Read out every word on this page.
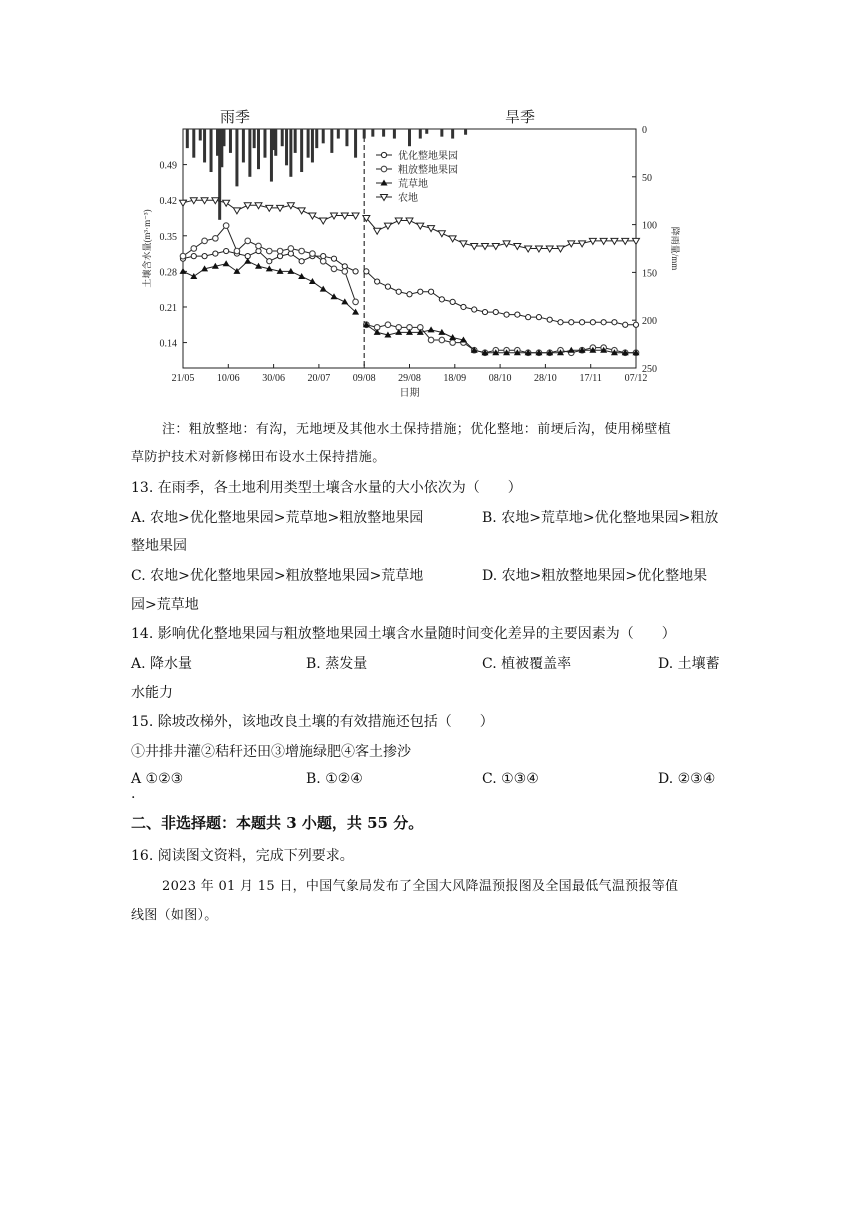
雨季	旱季
0.14
0.21
0.28
0.35
0.42
0.49
0
50
100
150
200
250
21/05 10/06 30/06 20/07 09/08 29/08 18/09 08/10 28/10 17/11 07/12
日期
土壤含水量(m³·m⁻³)	降雨量/mm
优化整地果园
粗放整地果园
荒草地
农地
注：粗放整地：有沟，无地埂及其他水土保持措施；优化整地：前埂后沟，使用梯壁植
草防护技术对新修梯田布设水土保持措施。
13. 在雨季，各土地利用类型土壤含水量的大小依次为（　　）
A. 农地>优化整地果园>荒草地>粗放整地果园	B. 农地>荒草地>优化整地果园>粗放
整地果园
C. 农地>优化整地果园>粗放整地果园>荒草地	D. 农地>粗放整地果园>优化整地果
园>荒草地
14. 影响优化整地果园与粗放整地果园土壤含水量随时间变化差异的主要因素为（　　）
A. 降水量	B. 蒸发量	C. 植被覆盖率	D. 土壤蓄
水能力
15. 除坡改梯外，该地改良土壤的有效措施还包括（　　）
①井排井灌②秸秆还田③增施绿肥④客土掺沙
A ①②③
.
B. ①②④	C. ①③④	D. ②③④
二、非选择题：本题共 3 小题，共 55 分。
16. 阅读图文资料，完成下列要求。
2023 年 01 月 15 日，中国气象局发布了全国大风降温预报图及全国最低气温预报等值
线图（如图）。
